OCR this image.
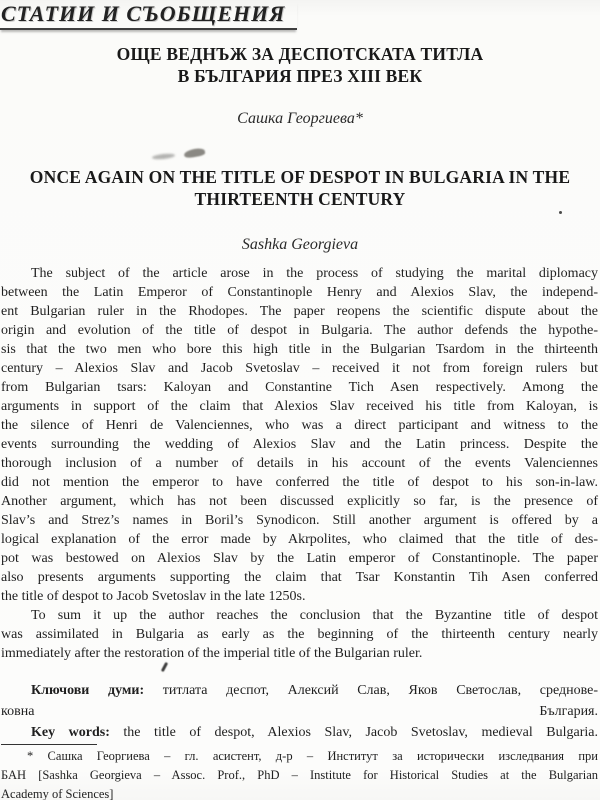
СТАТИИ И СЪОБЩЕНИЯ
ОЩЕ ВЕДНЪЖ ЗА ДЕСПОТСКАТА ТИТЛА
В БЪЛГАРИЯ ПРЕЗ XIII ВЕК
Сашка Георгиева*
ONCE AGAIN ON THE TITLE OF DESPOT IN BULGARIA IN THE
THIRTEENTH CENTURY
Sashka Georgieva
The subject of the article arose in the process of studying the marital diplomacy
between the Latin Emperor of Constantinople Henry and Alexios Slav, the independ-
ent Bulgarian ruler in the Rhodopes. The paper reopens the scientific dispute about the
origin and evolution of the title of despot in Bulgaria. The author defends the hypothe-
sis that the two men who bore this high title in the Bulgarian Tsardom in the thirteenth
century – Alexios Slav and Jacob Svetoslav – received it not from foreign rulers but
from Bulgarian tsars: Kaloyan and Constantine Tich Asen respectively. Among the
arguments in support of the claim that Alexios Slav received his title from Kaloyan, is
the silence of Henri de Valenciennes, who was a direct participant and witness to the
events surrounding the wedding of Alexios Slav and the Latin princess. Despite the
thorough inclusion of a number of details in his account of the events Valenciennes
did not mention the emperor to have conferred the title of despot to his son-in-law.
Another argument, which has not been discussed explicitly so far, is the presence of
Slav’s and Strez’s names in Boril’s Synodicon. Still another argument is offered by a
logical explanation of the error made by Akrpolites, who claimed that the title of des-
pot was bestowed on Alexios Slav by the Latin emperor of Constantinople. The paper
also presents arguments supporting the claim that Tsar Konstantin Tih Asen conferred
the title of despot to Jacob Svetoslav in the late 1250s.
To sum it up the author reaches the conclusion that the Byzantine title of despot
was assimilated in Bulgaria as early as the beginning of the thirteenth century nearly
immediately after the restoration of the imperial title of the Bulgarian ruler.
Ключови думи: титлата деспот, Алексий Слав, Яков Светослав, среднове-
ковна България.
Key words: the title of despot, Alexios Slav, Jacob Svetoslav, medieval Bulgaria.
* Сашка Георгиева – гл. асистент, д-р – Институт за исторически изследвания при
БАН [Sashka Georgieva – Assoc. Prof., PhD – Institute for Historical Studies at the Bulgarian
Academy of Sciences]
